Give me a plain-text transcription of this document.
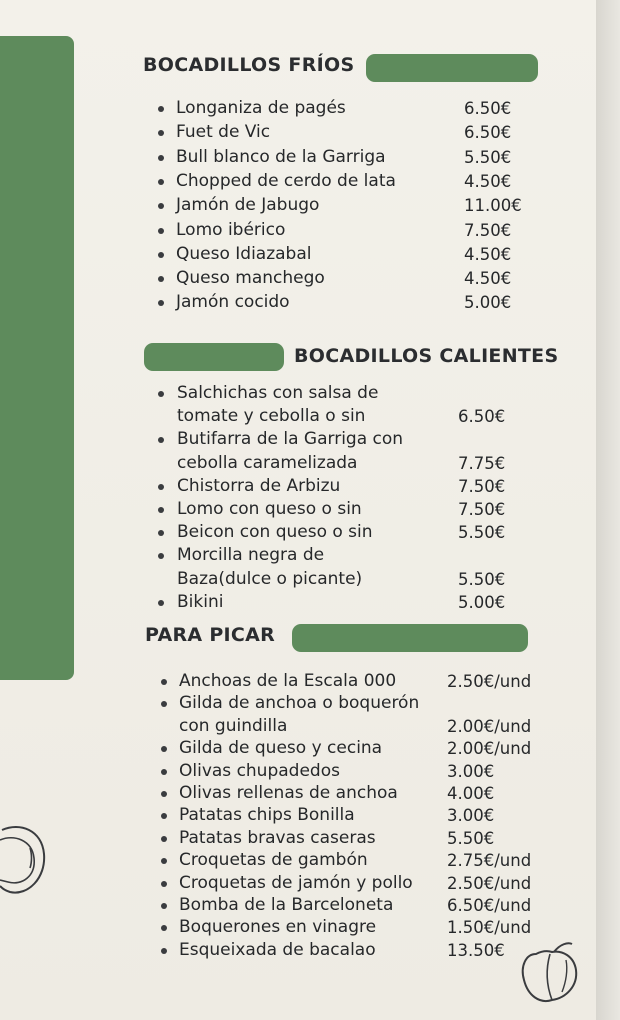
BOCADILLOS FRÍOS
BOCADILLOS CALIENTES
PARA PICAR
Longaniza de pagés	6.50€
Fuet de Vic	6.50€
Bull blanco de la Garriga	5.50€
Chopped de cerdo de lata	4.50€
Jamón de Jabugo	11.00€
Lomo ibérico	7.50€
Queso Idiazabal	4.50€
Queso manchego	4.50€
Jamón cocido	5.00€
Salchichas con salsa de
tomate y cebolla o sin	6.50€
Butifarra de la Garriga con
cebolla caramelizada	7.75€
Chistorra de Arbizu	7.50€
Lomo con queso o sin	7.50€
Beicon con queso o sin	5.50€
Morcilla negra de
Baza(dulce o picante)	5.50€
Bikini	5.00€
Anchoas de la Escala 000	2.50€/und
Gilda de anchoa o boquerón
con guindilla	2.00€/und
Gilda de queso y cecina	2.00€/und
Olivas chupadedos	3.00€
Olivas rellenas de anchoa	4.00€
Patatas chips Bonilla	3.00€
Patatas bravas caseras	5.50€
Croquetas de gambón	2.75€/und
Croquetas de jamón y pollo 2.50€/und
Bomba de la Barceloneta	6.50€/und
Boquerones en vinagre	1.50€/und
Esqueixada de bacalao	13.50€
